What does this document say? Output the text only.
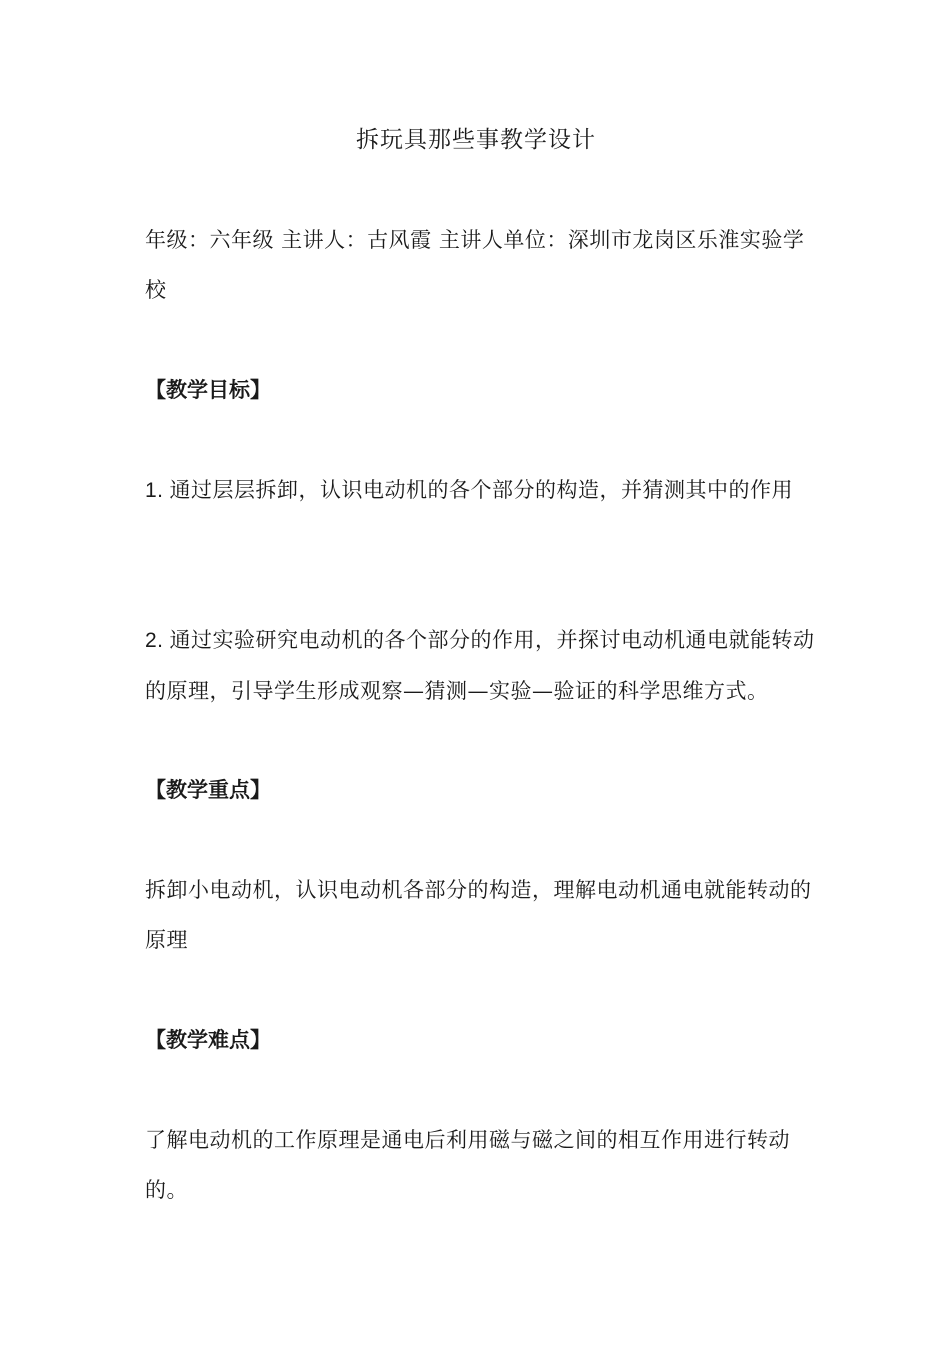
拆玩具那些事教学设计
年级：六年级 主讲人：古风霞 主讲人单位：深圳市龙岗区乐淮实验学校
【教学目标】
1. 通过层层拆卸，认识电动机的各个部分的构造，并猜测其中的作用
2. 通过实验研究电动机的各个部分的作用，并探讨电动机通电就能转动的原理，引导学生形成观察—猜测—实验—验证的科学思维方式。
【教学重点】
拆卸小电动机，认识电动机各部分的构造，理解电动机通电就能转动的原理
【教学难点】
了解电动机的工作原理是通电后利用磁与磁之间的相互作用进行转动的。
